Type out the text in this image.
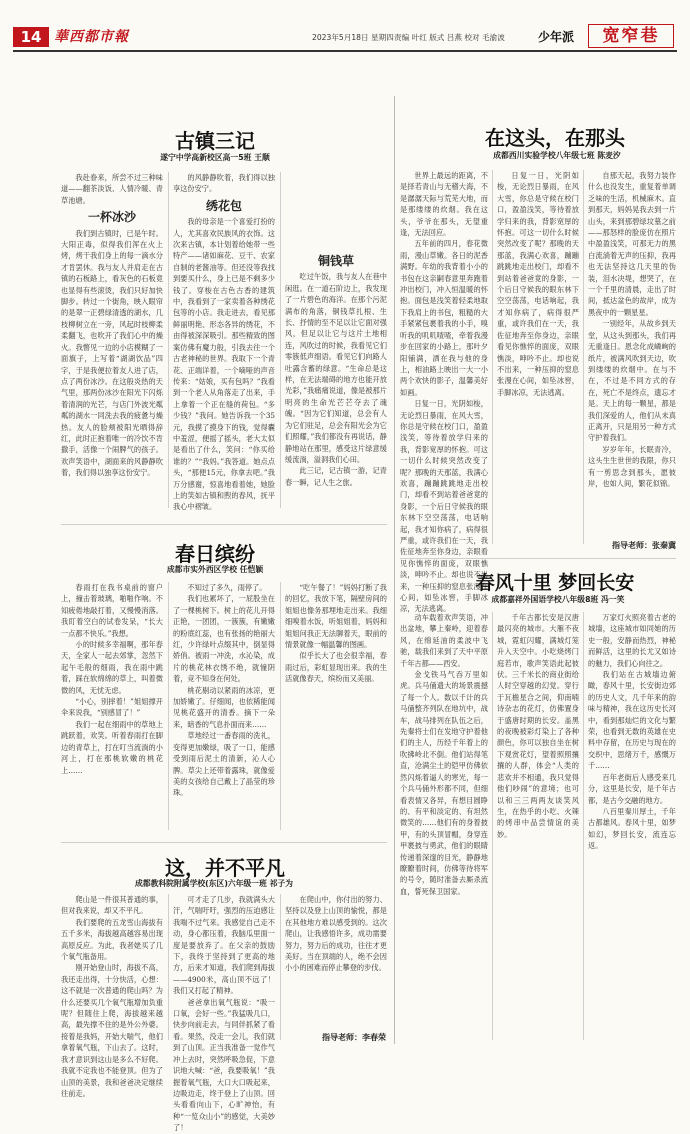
14 華西都市報	2023年5月18日 星期四 责编 叶红 版式 吕燕 校对 毛渝波	少年派	宽窄巷
古镇三记
遂宁中学高新校区高一5班 王顺

我赴眷来，所尝不过三种味道——翻茶淡饭、人情冷暖、青草池塘。

一杯冰沙

我们到古镇时，已是午时。大阳正毒，似得我们浑在火上烤，烤干我们身上的每一滴水分才肯罢休。我与友人并肩走在古镇的石板路上，看灰色的石板竟也显得有些滚烫，我们只好加快脚步。转过一个街角，映入眼帘的是翠一正碧绿清透的湖水，几枝柳树立在一旁，风起时枝柳柔柔翻飞，也吹开了我们心中的燥火。我瞥见一边的小店模糊了一面旗子，上写着“湖湖饮品”四字，于是我便拉着友人进了店，点了两份冰沙。在这般炎热的天气里，那两份冰沙在阳光下闪烁着清润的光芒，与店门外波光粼粼的湖水一同洗去我的疲惫与燥热。友人的脸颊被阳光晒得辞红，此时正抱着唯一的冷饮不肯撒手，活像一个闹脾气的孩子。欢声笑语中，湖面来的风静静吹着，我们得以独享这份安宁。

的风静静吹着，我们得以独享这份安宁。

绣花包

我的母亲是一个喜爱打扮的人，尤其喜欢民族风的衣饰。这次来古镇，本计划着给她带一些特产——诸如麻花、豆干、农家自制的老酱油等。但还没等我找到要买什么，身上已是不剩多少钱了。穿梭在古色古香的建筑中，我看到了一家卖着各种绣花包等的小店。我走进去，看见那鲜丽明艳、形态各异的绣花，不由得被深深吸引。那些精致的图案仿佛有魔力般，引我去往一个古老神秘的世界。我取下一个青花、正端详着，一个嘀哑的声音传来：“姑娘，买有包吗？”我看到一个老人从角落走了出来，手上拿着一个正在缝的荷包。“多少钱？”我问。她告诉我一个35元，我摸了摸身下的钱，觉得囊中羞涩，便摇了摇头，老大太似是看出了什么，笑问：“你买给谁的？”“我妈。”我答道。她点点头，“那便15元，你拿去吧。”我万分感谢，惊喜地看着她，她脸上的笑如古镇和煦的春风，抚平我心中褶皱。

铜钱草

吃过午饭，我与友人在巷中闲逛。在一道石阶边上，我发现了一片碧色的海洋。在那个污泥满布的角落，铜钱草扎根、生长、抒情的至不足以让它面对强风，但足以让它与这片土地相连，风吹过的时候，我看见它们零簇低声细语。看见它们向路人吐露含蓄的绿意。“生命总是这样，在无法端碍的地方也能开放光彩，”我痛痛说道，像是被那片明亮的生命光芒芒夺去了魂魄。“因为它们知道，总会有人为它们驻足，总会有阳光会为它们照耀，”我们都没有再说话，静静地站在那里，感受这片绿意缓缓流淌，溢洞我们心田。

此三记，记古镇一游，记青春一瞬，记人生之旅。

春日缤纷
成都市实外西区学校 任恺颖

春雨打在我书桌前的窗户上，撞击着玻璃，啪啪作响。不知疲倦地敲打着，又慢慢消落。我盯着空白的试卷发呆，“长大一点都不快乐。”我想。

小的时候多幸福啊，那年春天，全家人一起去郊掌，忽然下起午毛般的细雨，我在雨中跳着，踩在软绵绵的草上，叫着微微的风，无忧无虑。

“小心，别摔着！”姐姐撑开伞来说我，“别感冒了！”

我们一起在细雨中的草地上跳跃着，欢笑。听着春雨打在脚边的青草上，打在叮当流淌的小河上，打在那桃软嫩的桃花上……

不知过了多久，雨停了。

我们也累坏了，一屁股坐在了一棵桃树下。树上的花儿开得正艳，一团团，一簇簇，有嫩嫩的粉底红蕊，也有张扬的艳丽大红，少许绿叶点缀其中，倒显得娇俏。被雨一冲洗，水沁染，成片的桃花林衣绣不绝，就憧阴着，竞不知身在何处。

桃花剔动以紧雨的冰凉，更加娇嫩了。仔细闻，也依稀能闻见桃花盛开的清香。摘下一朵来，暗香的气息扑面而来……

草地经过一番春雨的洗礼，变得更加嫩绿，吸了一口，能感受到雨后泥土的清新，沁人心脾。草尖上还带着露珠，就像爱美的女孩给自己戴上了晶莹的珍珠。

“吃午餐了！”妈妈打断了我的回忆，我放下笔，隔壁房间的姐姐也像务那埋地走出来。我细细嗅着水饭，听姐姐着，妈妈和姐姐问我正无法聊着天，眼前的情景就像一幅温馨的图画。

似乎长大了也会很幸福，春雨过后，彩虹显现出来。我的生活就像春天，缤纷而又美丽。

这，并不平凡
成都教科院附属学校(东区)六年级一班 祁子为

爬山是一件很其普通的事，但对我来说，却又不平凡。

我们要爬的五龙雪山海拔有五千多米，海拔越高越容易出现高原反应。为此，我者姥买了几个氧气瓶备用。

刚开始登山时，海拔不高，我还走出得，十分快活，心想：这不就是一次普通的爬山吗？为什么还要买几个氧气瓶增加负重呢？但随住上爬，海拔越来越高，最先撑不住的是外公外婆。接着是我妈，开始大喘气，他们拿着氧气瓶，下山去了。这时，我才意识到这山是多么不好爬。我就不定我也不能登顶。但为了山顶的美景，我和爸爸决定继续往前走。

可才走了几步，我就满头大汗，气喘吁吁，强烈的压迫感让我喘不过气来。我感觉自己走不动，身心都压着，我脑瓜里面一度是要放弃了。在父亲的鼓励下，我终于坚持到了更高的地方，后来才知道，我们爬到海拔——4900米，高山顶不远了！我们又打起了精神。

爸爸拿出氧气瓶说：“吸一口氧，会好一些。”我猛吸几口，快步向前走去，与同伴抓紧了看看。果然，没走一会儿，我们就到了山顶。正当我准备一觉作气冲上去时，突然呼吸急促，下意识地大喊：“爸，我要吸氧！”我握着氧气瓶，大口大口吸起来，边吸边走，终于登上了山顶。回头看看向山下，心旷神怡，有种“一览众山小”的感觉，大美妙了！

在爬山中，你付出的努力、坚持以及登上山顶的愉悦，都是在其他地方难以感受到的。这次爬山，让我感悟许多，成功需要努力，努力后的成功，往往才更美好。当在顶端的人，绝不会因小小的困难而停止攀登的步伐。

指导老师：李春荣
在这头，在那头
成都西川实验学校八年级七班 陈麦汐

世界上最远的距离，不是择若青山与无稽大海，不是潺潺天际与荒芜大地，而是那缕缕的炊烟。我在这头，爷爷在那头，无望重逢，无法回应。

五年前的四月，春花微雨，漫山草嫩。各日的泥香满野。年幼的我背着小小的书包在这亲嗣春意里奔跑着冲出校门，冲入恒温暖的怀抱。面包是浅笑着轻柔地取下我肩上的书包，粗糙的大手紧紧包裹着我的小手，嗅听我的叽叽喳喳，牵着我漫步在回家的小路上，那叶夕阳铺满，洒在我与他的身上，相油路上映出一大一小两个欢快的影子，温馨美好如画。

日复一日，光阴如梭，无论烈日暴雨，在风大雪，你总是守候在校门口，盈盈浅笑，等待着放学归来的我，背影宽厚的怀抱。可这一切什么时候突然改变了呢？那晚的天那蓝，我满心欢喜，蹦蹦跳跳地走出校门，却看不到站着爸爸竟的身影，一个后日守候我的眼东林下空空荡荡，电话响起，我才知你病了，病得很严重，或许我们在一天，我佐征地奔至你身边，亲眼看见你憔悴的面庞，双眼憔淡，呻吟不止。却也说不出来，一种压抑的窒息张漫在心间，如坠冰窖，手脚冰凉，无法逃离。

日复一日，光阴如梭，无论烈日暴雨，在风大雪，你总是守候在校门口，盈盈浅笑，等待着放学归来的我，背影宽厚的怀抱。可这一切什么时候突然改变了呢？那晚的天那蓝，我满心欢喜，蹦蹦跳跳地走出校门，却看不到站着爸爸竟的身影，一个后日守候我的眼东林下空空荡荡，电话响起，我才知你病了，病得很严重，或许我们在一天，我佐征地奔至你身边，亲眼看见你憔悴的面庞，双眼憔淡，呻吟不止。却也说不出来，一种压抑的窒息张漫在心间，如坠冰窖，手脚冰凉，无法逃离。

自那天起，我努力装作什么也没发生，重复着单调乏味的生活，机械麻木。直到那天，妈妈晃我去到一片山头，来到那碧绿坟墓之前——那怒样的脸庞仿在照片中盈盈浅笑，可那无力的黑白流淌着无声的压抑，我再也无法坚持这几天里的伪装，泪水决堤，想哭了，在一个千里的清晨，走出了时间，抵达盆色的故岸，成为黑夜中的一颗星星。

一别经年，从故乡到天堂，从这头到那头，我们再无重逢日。恩念化成嶙峋的纸片，被满风吹到天边，吹到缕缕的炊烟中。在与不在，不过是不同方式的存在，死亡不是终点，遗忘才是。天上的每一颗星，都是我们深爱的人，他们从未真正离开，只是用另一种方式守护着我们。

岁岁年年，长眠青冷，这头生生世世的我限，你只有一剪思念到那头，愿彼岸，也如人间，繁花似锦。

指导老师：张秦冀
春风十里 梦回长安
成都嘉祥外国语学校八年级8班 冯一笑

动车载着欢声笑语，冲出盆地，攀上秦岭，迎着春风，在绵延油的柔波中飞驰，载我们来到了天中平原千年古都——西安。

金戈铁马气吞万里如虎。兵马俑遗大的场景震撼了每一个人。数以千计的兵马俑整齐列队在地坑中，战车，战马排列在队伍之后，先秦将士们在发地守护着他们的主人，历经千年着上的吹拂岭北不倒。他们站得笔直，沧满尘土的铠甲仿佛依然闪烁着逼人的寒光，每一个兵马俑外形都不同，但细看表情又各异，有想目圆睁的、有平和淡定的、有坦然微笑的……他们有的身着披甲，有的头顶冒帽，身穿连甲裹披与勇武，他们的眼睛传递着深邃的目光，静静地瞭瞭着时间，仿佛等待将军的号令，随时准备去厮杀流血，誓死保卫国家。

千年古都长安是汉唐最闪亮的城市。大雁不夜城，霓虹闪耀，满城灯笼升入天空中。小吃烧烤门庭若市，歌声笑语此起彼伏。三千米长的商业街给人时空穿越的幻觉。穿行于瓦檐星合之间，仰南喃诗杂志的花灯，仿佛置身于盛唐时期的长安。盖黑的夜晚被彩灯染上了各种颜色，你可以独自坐在树下观赏花灯，望着照照攘攘的人群，体会“人类的悲欢并不相通，我只觉得他们吵闹”的意境；也可以和三三两两友谈笑风生，在热乎的小吃、火辣的烤串中品尝情谊的美妙。

万家灯火照亮着古老的城墙，这座城市如同她的历史一般，安静而热烈，神秘而鲜活，这里的长尤又如诗的魅力，我们心向往之。

我们站在古城墙边俯瞰，春风十里，长安街边郊的历史人文，几千年来的韵味与精神，我在这历史长河中，看到那灿烂的文化与繁荣，也看到无数的英雄在史料中存留，在历史与现在的交织中，思绪万千，感慨万千……

百年老街后人感受来几分，这里是长安，是千年古都，是古今交融的地方。

八百里秦川厚土，千年古都雄风。春风十里，如梦如幻，梦回长安，流连忘返。
